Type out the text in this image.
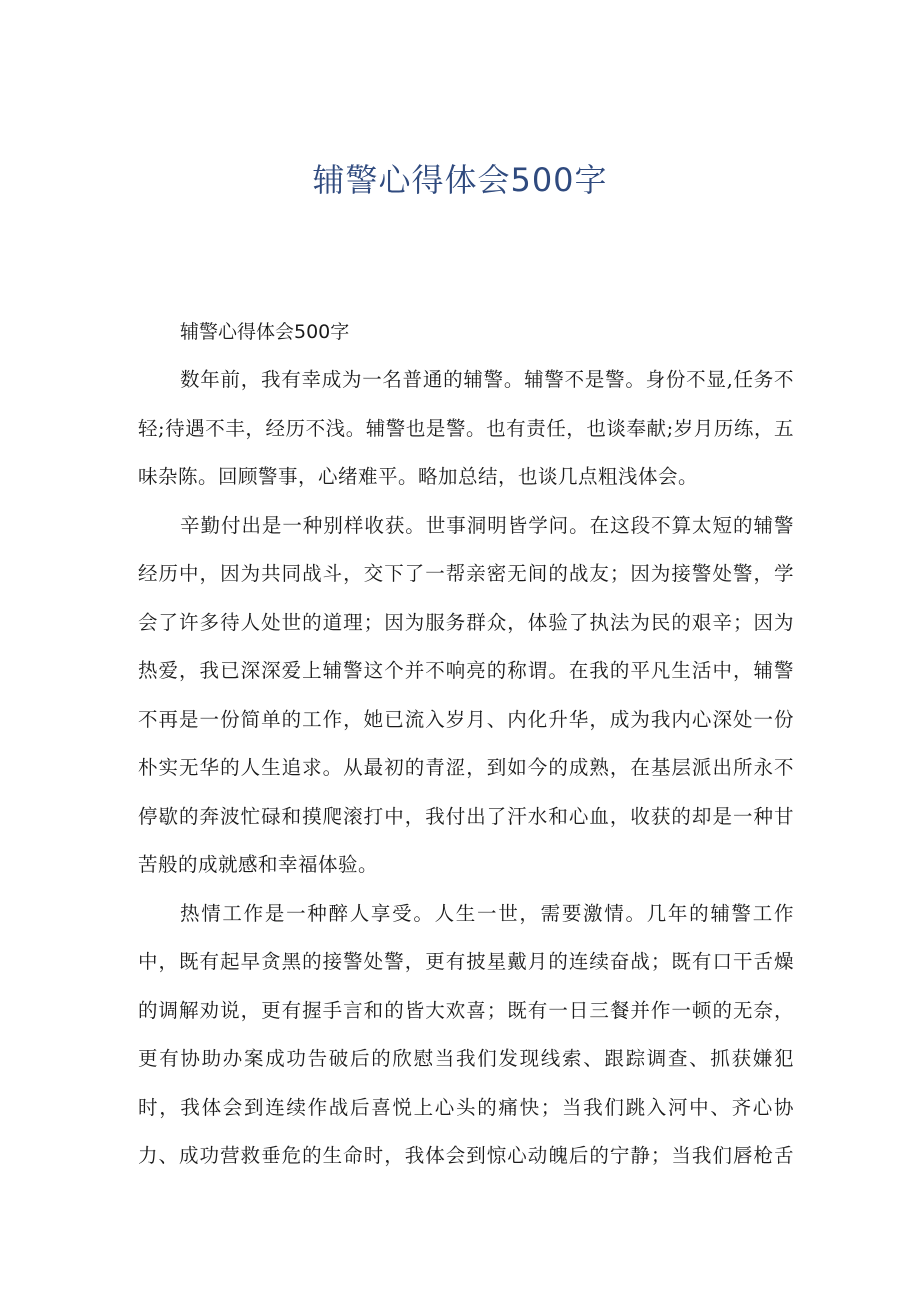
辅警心得体会500字

辅警心得体会500字

数年前，我有幸成为一名普通的辅警。辅警不是警。身份不显,任务不
轻;待遇不丰，经历不浅。辅警也是警。也有责任，也谈奉献;岁月历练，五
味杂陈。回顾警事，心绪难平。略加总结，也谈几点粗浅体会。

辛勤付出是一种别样收获。世事洞明皆学问。在这段不算太短的辅警
经历中，因为共同战斗，交下了一帮亲密无间的战友；因为接警处警，学
会了许多待人处世的道理；因为服务群众，体验了执法为民的艰辛；因为
热爱，我已深深爱上辅警这个并不响亮的称谓。在我的平凡生活中，辅警
不再是一份简单的工作，她已流入岁月、内化升华，成为我内心深处一份
朴实无华的人生追求。从最初的青涩，到如今的成熟，在基层派出所永不
停歇的奔波忙碌和摸爬滚打中，我付出了汗水和心血，收获的却是一种甘
苦般的成就感和幸福体验。

热情工作是一种醉人享受。人生一世，需要激情。几年的辅警工作
中，既有起早贪黑的接警处警，更有披星戴月的连续奋战；既有口干舌燥
的调解劝说，更有握手言和的皆大欢喜；既有一日三餐并作一顿的无奈，
更有协助办案成功告破后的欣慰当我们发现线索、跟踪调查、抓获嫌犯
时，我体会到连续作战后喜悦上心头的痛快；当我们跳入河中、齐心协
力、成功营救垂危的生命时，我体会到惊心动魄后的宁静；当我们唇枪舌
